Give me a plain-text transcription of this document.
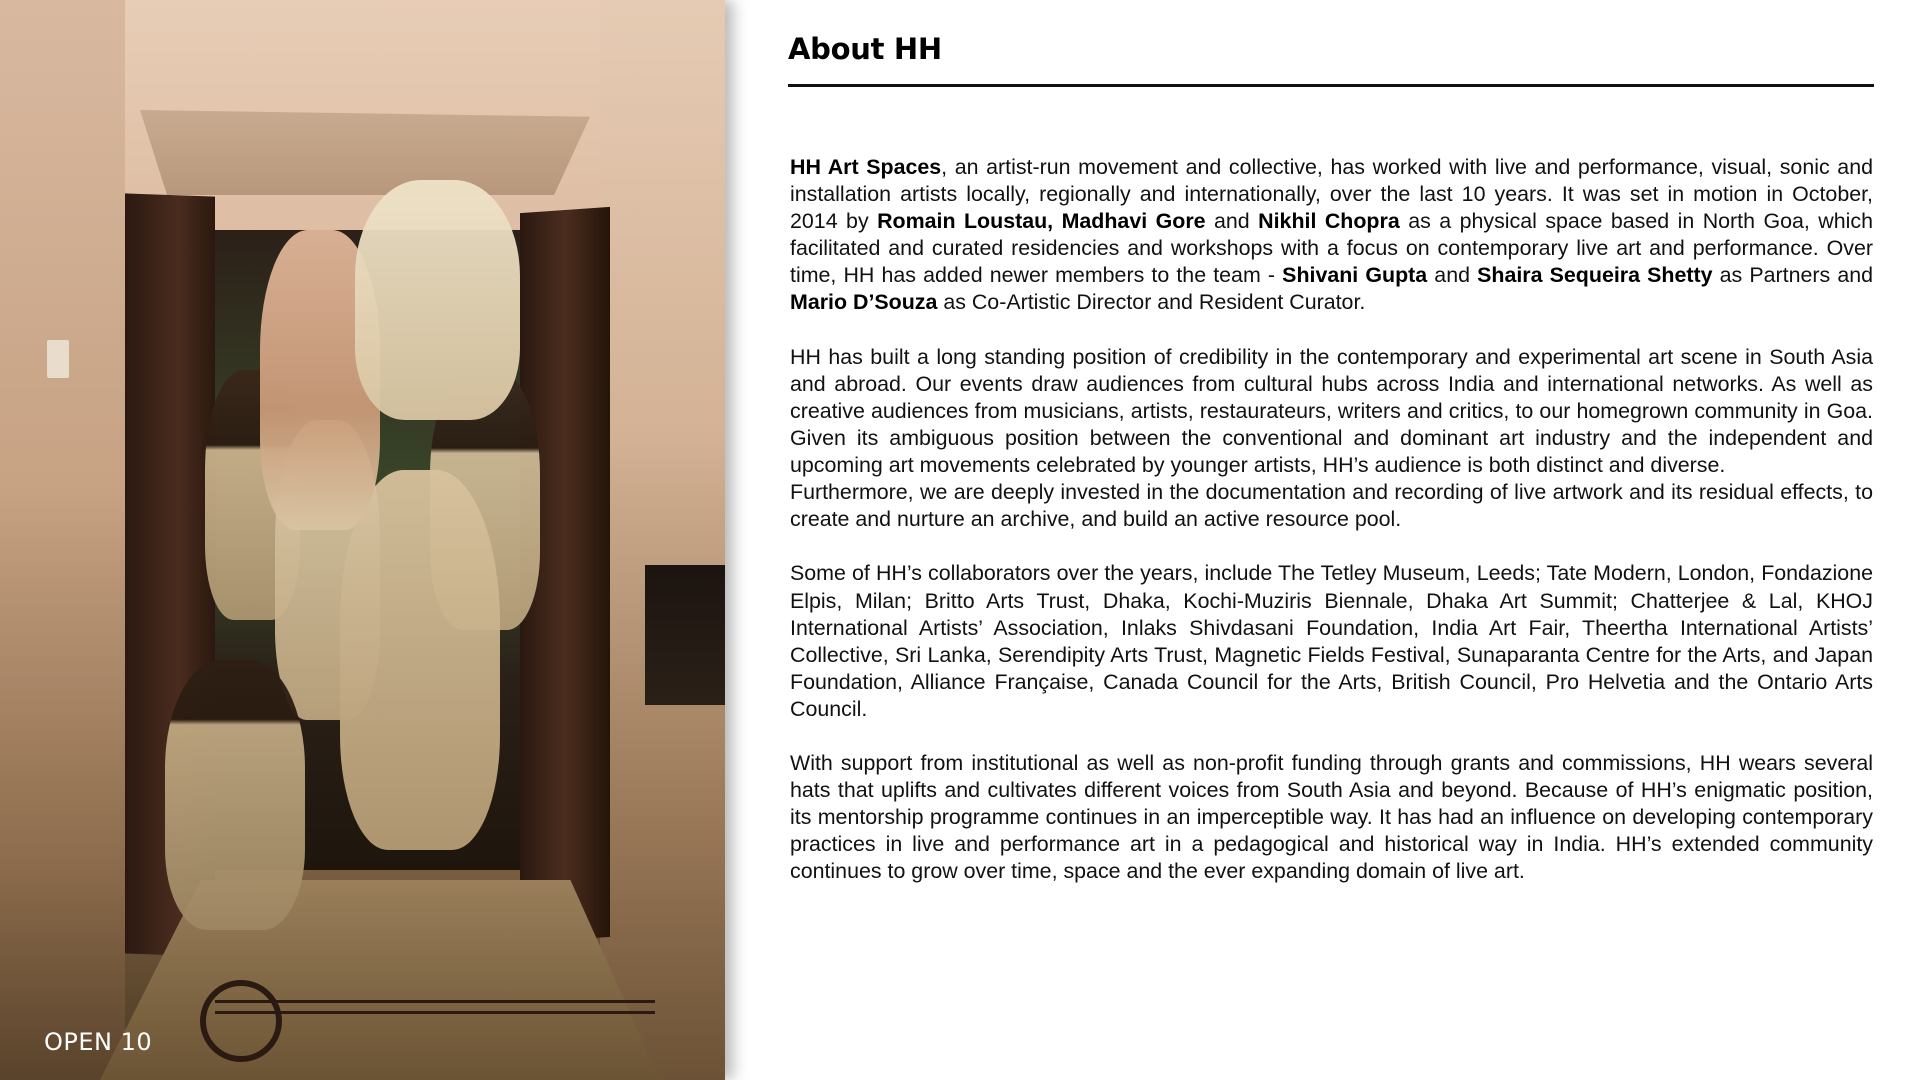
OPEN 10
About HH

HH Art Spaces, an artist-run movement and collective, has worked with live and performance, visual, sonic and installation artists locally, regionally and internationally, over the last 10 years. It was set in motion in October, 2014 by Romain Loustau, Madhavi Gore and Nikhil Chopra as a physical space based in North Goa, which facilitated and curated residencies and workshops with a focus on contemporary live art and performance. Over time, HH has added newer members to the team - Shivani Gupta and Shaira Sequeira Shetty as Partners and Mario D’Souza as Co-Artistic Director and Resident Curator.

HH has built a long standing position of credibility in the contemporary and experimental art scene in South Asia and abroad. Our events draw audiences from cultural hubs across India and international networks. As well as creative audiences from musicians, artists, restaurateurs, writers and critics, to our homegrown community in Goa. Given its ambiguous position between the conventional and dominant art industry and the independent and upcoming art movements celebrated by younger artists, HH’s audience is both distinct and diverse.

Furthermore, we are deeply invested in the documentation and recording of live artwork and its residual effects, to create and nurture an archive, and build an active resource pool.

Some of HH’s collaborators over the years, include The Tetley Museum, Leeds; Tate Modern, London, Fondazione Elpis, Milan; Britto Arts Trust, Dhaka, Kochi-Muziris Biennale, Dhaka Art Summit; Chatterjee & Lal, KHOJ International Artists’ Association, Inlaks Shivdasani Foundation, India Art Fair, Theertha International Artists’ Collective, Sri Lanka, Serendipity Arts Trust, Magnetic Fields Festival, Sunaparanta Centre for the Arts, and Japan Foundation, Alliance Française, Canada Council for the Arts, British Council, Pro Helvetia and the Ontario Arts Council.

With support from institutional as well as non-profit funding through grants and commissions, HH wears several hats that uplifts and cultivates different voices from South Asia and beyond. Because of HH’s enigmatic position, its mentorship programme continues in an imperceptible way. It has had an influence on developing contemporary practices in live and performance art in a pedagogical and historical way in India. HH’s extended community continues to grow over time, space and the ever expanding domain of live art.
